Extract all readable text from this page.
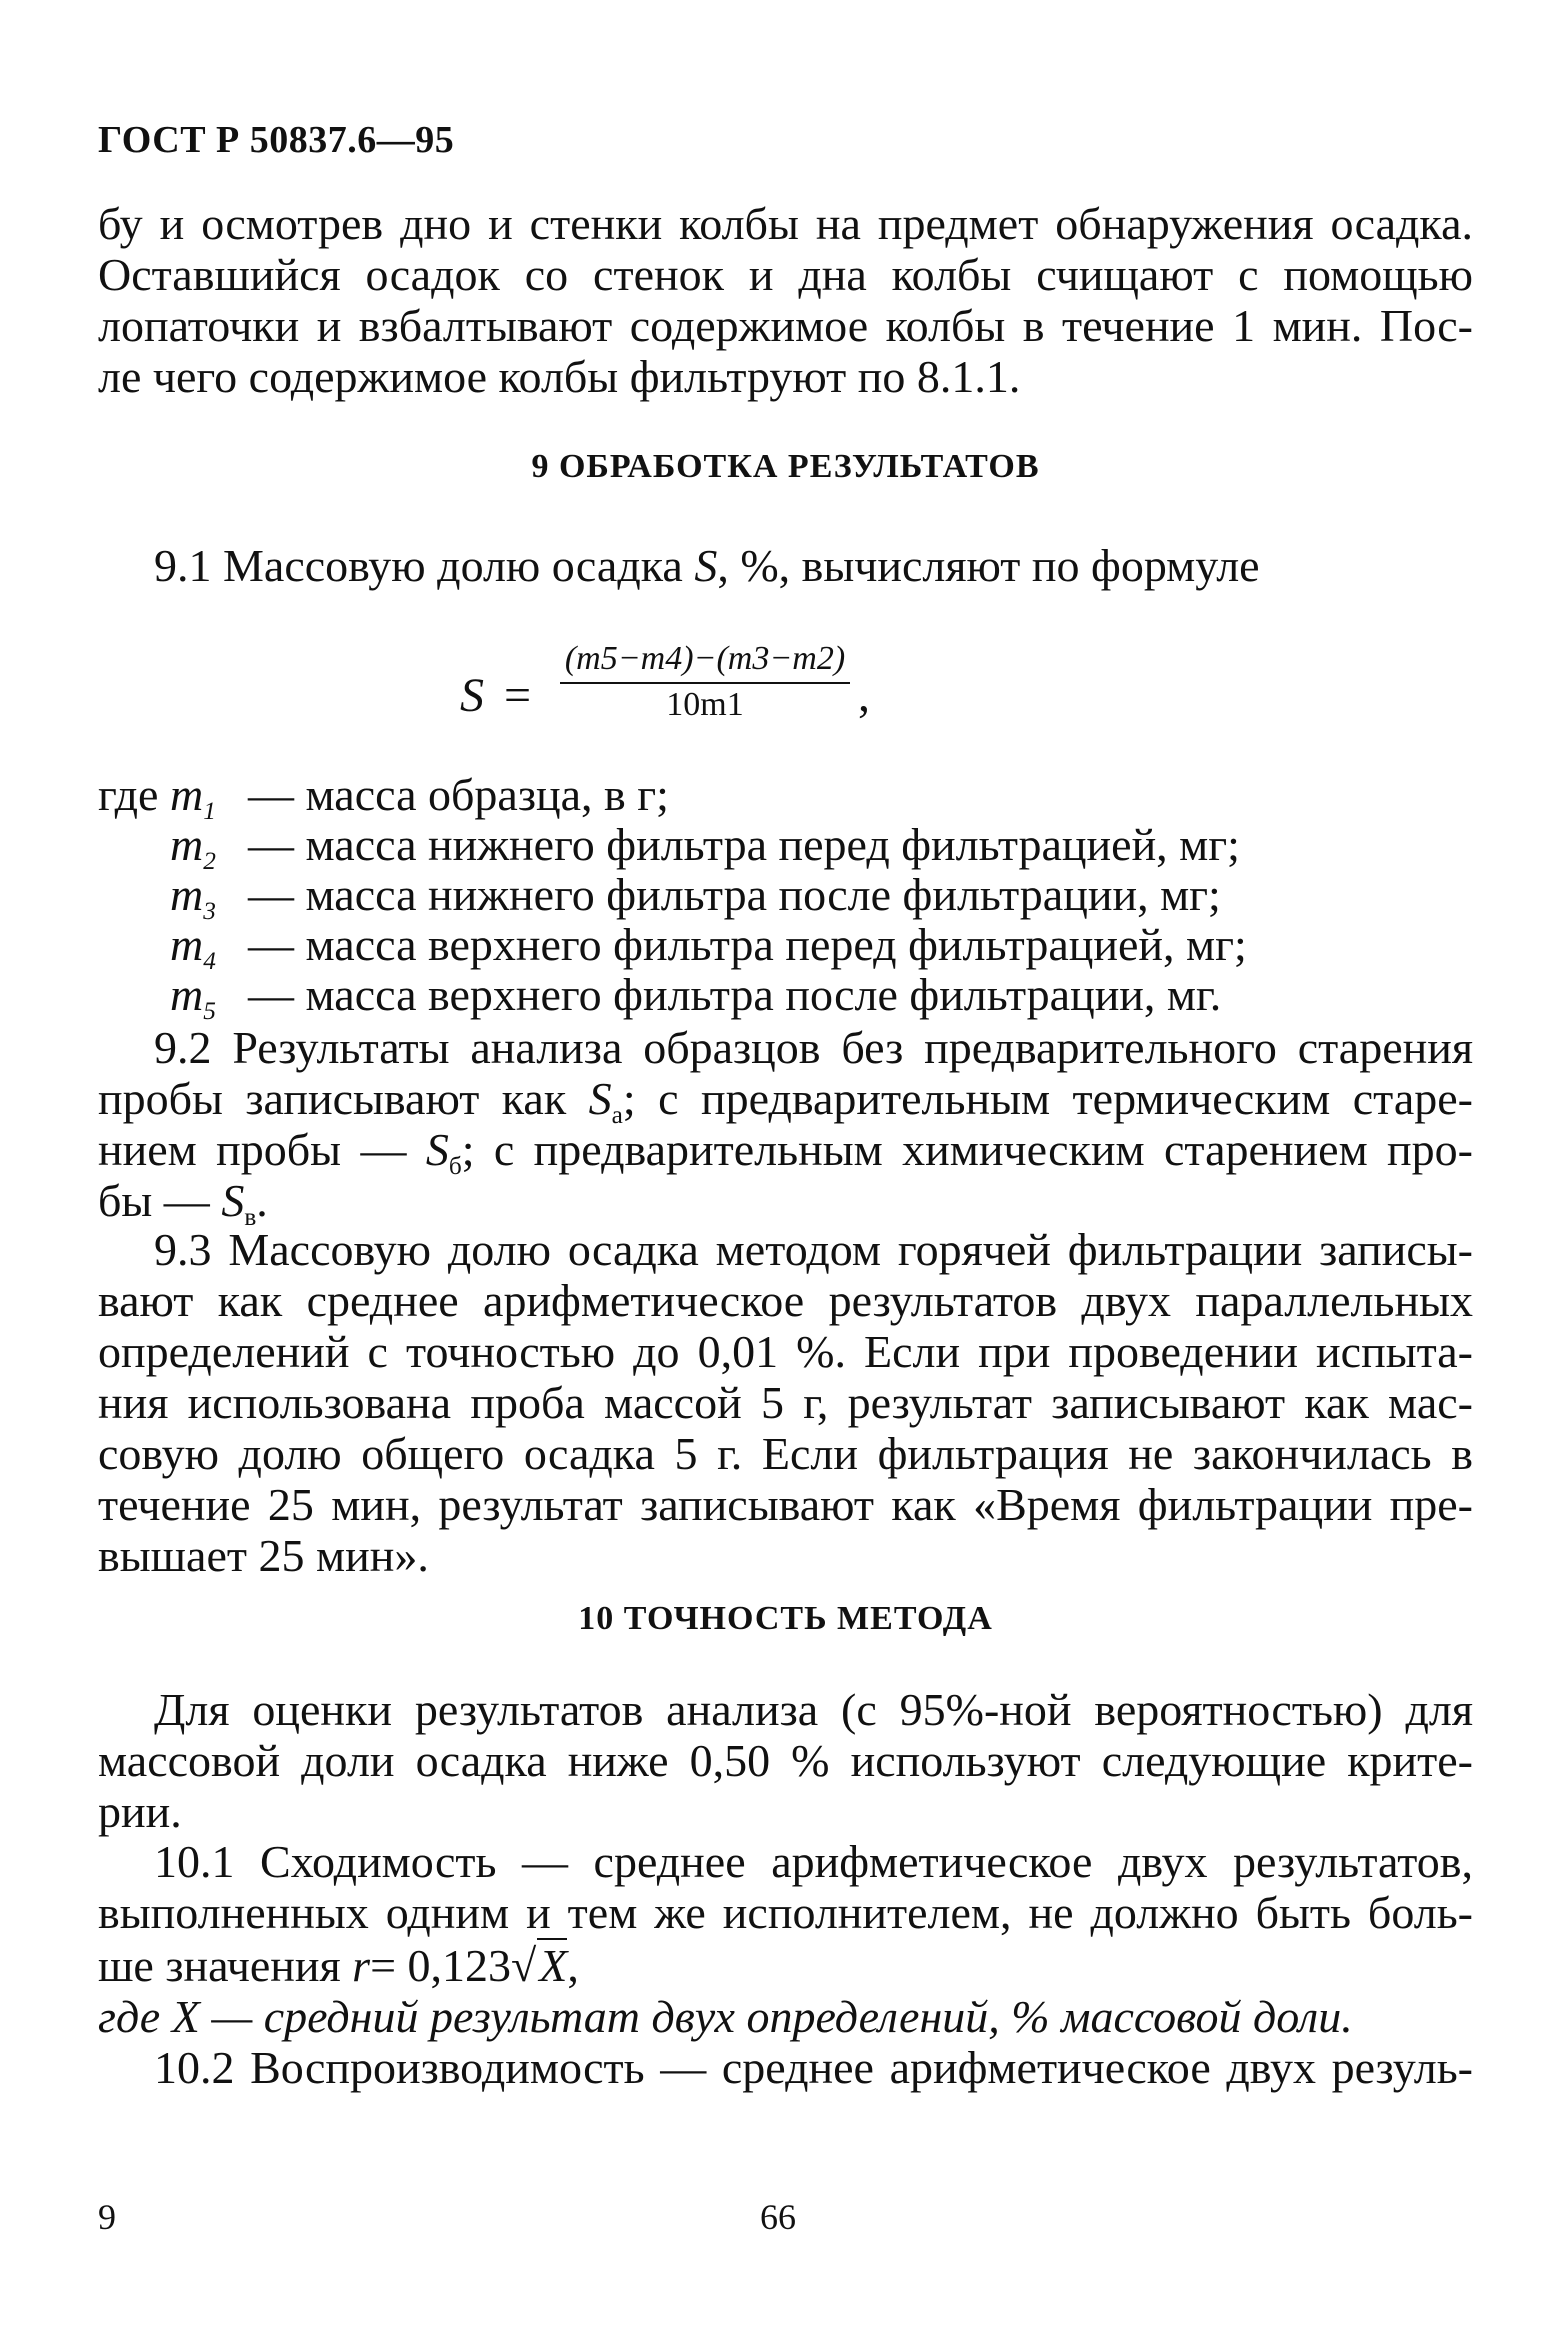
ГОСТ Р 50837.6—95
бу и осмотрев дно и стенки колбы на предмет обнаружения осадка.
Оставшийся осадок со стенок и дна колбы счищают с помощью
лопаточки и взбалтывают содержимое колбы в течение 1 мин. Пос-
ле чего содержимое колбы фильтруют по 8.1.1.
9 ОБРАБОТКА РЕЗУЛЬТАТОВ
9.1 Массовую долю осадка S, %, вычисляют по формуле
S =
(m5−m4)−(m3−m2)
10m1	,
где $m_1$ — масса образца, в г;
$m_2$ — масса нижнего фильтра перед фильтрацией, мг;
$m_3$ — масса нижнего фильтра после фильтрации, мг;
$m_4$ — масса верхнего фильтра перед фильтрацией, мг;
$m_5$ — масса верхнего фильтра после фильтрации, мг.
9.2 Результаты анализа образцов без предварительного старения
пробы записывают как $S_а$; с предварительным термическим старе-
нием пробы — $S_б$; с предварительным химическим старением про-
бы — $S_в$.
9.3 Массовую долю осадка методом горячей фильтрации записы-
вают как среднее арифметическое результатов двух параллельных
определений с точностью до 0,01 %. Если при проведении испыта-
ния использована проба массой 5 г, результат записывают как мас-
совую долю общего осадка 5 г. Если фильтрация не закончилась в
течение 25 мин, результат записывают как «Время фильтрации пре-
вышает 25 мин».
10 ТОЧНОСТЬ МЕТОДА
Для оценки результатов анализа (с 95%-ной вероятностью) для
массовой доли осадка ниже 0,50 % используют следующие крите-
рии.
10.1 Сходимость — среднее арифметическое двух результатов,
выполненных одним и тем же исполнителем, не должно быть боль-
ше значения r= 0,123√X,
где X — средний результат двух определений, % массовой доли.
10.2 Воспроизводимость — среднее арифметическое двух резуль-
9	66
